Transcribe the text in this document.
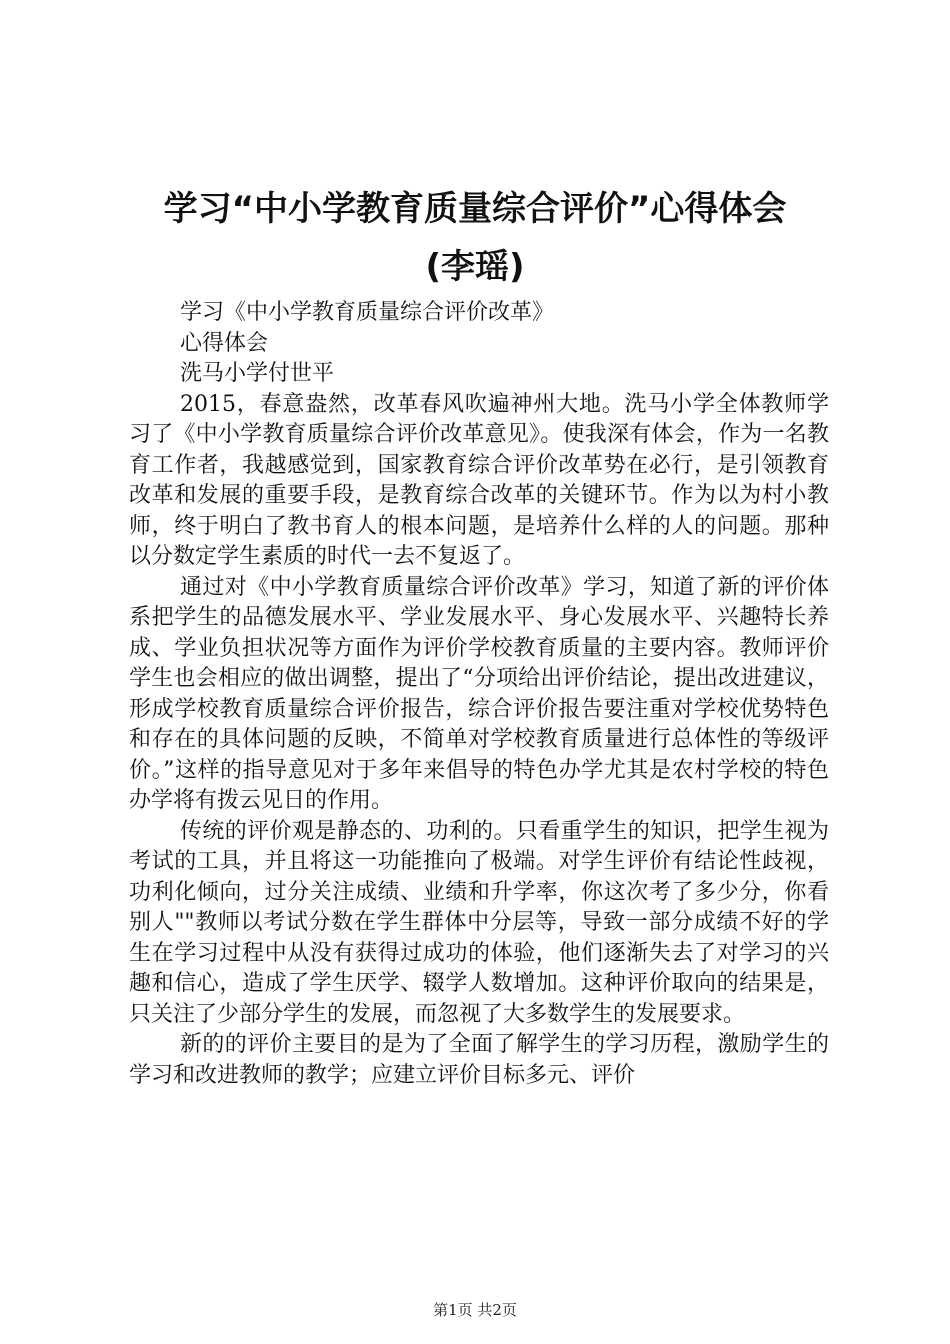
学习“中小学教育质量综合评价”心得体会
(李瑶)

学习《中小学教育质量综合评价改革》

心得体会

洗马小学付世平

2015，春意盎然，改革春风吹遍神州大地。洗马小学全体教师学习了《中小学教育质量综合评价改革意见》。使我深有体会，作为一名教育工作者，我越感觉到，国家教育综合评价改革势在必行，是引领教育改革和发展的重要手段，是教育综合改革的关键环节。作为以为村小教师，终于明白了教书育人的根本问题，是培养什么样的人的问题。那种以分数定学生素质的时代一去不复返了。

通过对《中小学教育质量综合评价改革》学习，知道了新的评价体系把学生的品德发展水平、学业发展水平、身心发展水平、兴趣特长养成、学业负担状况等方面作为评价学校教育质量的主要内容。教师评价学生也会相应的做出调整，提出了“分项给出评价结论，提出改进建议，形成学校教育质量综合评价报告，综合评价报告要注重对学校优势特色和存在的具体问题的反映，不简单对学校教育质量进行总体性的等级评价。”这样的指导意见对于多年来倡导的特色办学尤其是农村学校的特色办学将有拨云见日的作用。

传统的评价观是静态的、功利的。只看重学生的知识，把学生视为考试的工具，并且将这一功能推向了极端。对学生评价有结论性歧视，功利化倾向，过分关注成绩、业绩和升学率，你这次考了多少分，你看别人""教师以考试分数在学生群体中分层等，导致一部分成绩不好的学生在学习过程中从没有获得过成功的体验，他们逐渐失去了对学习的兴趣和信心，造成了学生厌学、辍学人数增加。这种评价取向的结果是，只关注了少部分学生的发展，而忽视了大多数学生的发展要求。

新的的评价主要目的是为了全面了解学生的学习历程，激励学生的学习和改进教师的教学；应建立评价目标多元、评价

第1页 共2页
